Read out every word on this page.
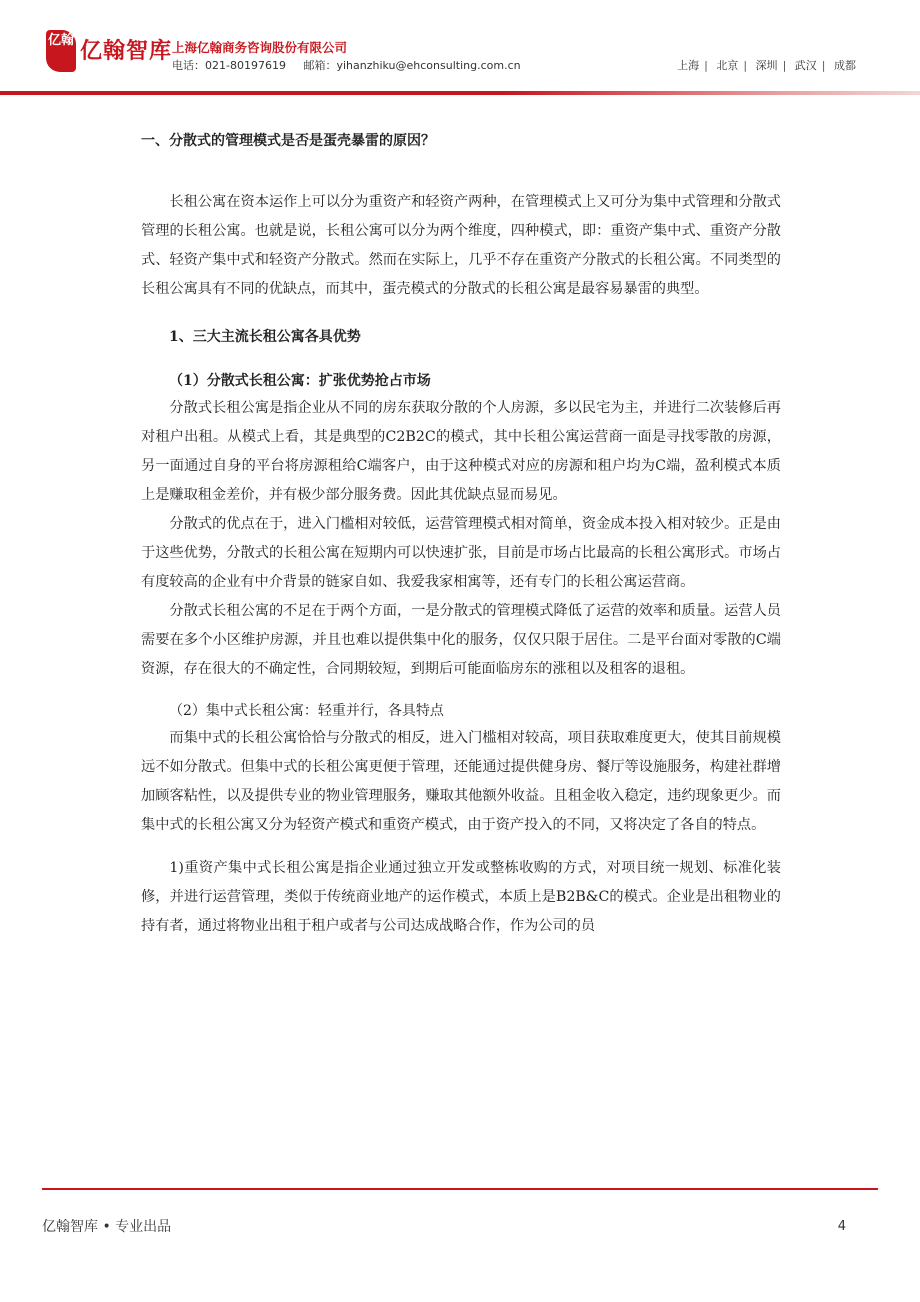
亿翰 亿翰智库 上海亿翰商务咨询股份有限公司
电话：021-80197619 邮箱：yihanzhiku@ehconsulting.com.cn	上海 | 北京 | 深圳 | 武汉 | 成都

一、分散式的管理模式是否是蛋壳暴雷的原因？

长租公寓在资本运作上可以分为重资产和轻资产两种，在管理模式上又可分为集中式管理和分散式管理的长租公寓。也就是说，长租公寓可以分为两个维度，四种模式，即：重资产集中式、重资产分散式、轻资产集中式和轻资产分散式。然而在实际上，几乎不存在重资产分散式的长租公寓。不同类型的长租公寓具有不同的优缺点，而其中，蛋壳模式的分散式的长租公寓是最容易暴雷的典型。

1、三大主流长租公寓各具优势

（1）分散式长租公寓：扩张优势抢占市场

分散式长租公寓是指企业从不同的房东获取分散的个人房源，多以民宅为主，并进行二次装修后再对租户出租。从模式上看，其是典型的C2B2C的模式，其中长租公寓运营商一面是寻找零散的房源，另一面通过自身的平台将房源租给C端客户，由于这种模式对应的房源和租户均为C端，盈利模式本质上是赚取租金差价，并有极少部分服务费。因此其优缺点显而易见。

分散式的优点在于，进入门槛相对较低，运营管理模式相对简单，资金成本投入相对较少。正是由于这些优势，分散式的长租公寓在短期内可以快速扩张，目前是市场占比最高的长租公寓形式。市场占有度较高的企业有中介背景的链家自如、我爱我家相寓等，还有专门的长租公寓运营商。

分散式长租公寓的不足在于两个方面，一是分散式的管理模式降低了运营的效率和质量。运营人员需要在多个小区维护房源，并且也难以提供集中化的服务，仅仅只限于居住。二是平台面对零散的C端资源，存在很大的不确定性，合同期较短，到期后可能面临房东的涨租以及租客的退租。

（2）集中式长租公寓：轻重并行，各具特点

而集中式的长租公寓恰恰与分散式的相反，进入门槛相对较高，项目获取难度更大，使其目前规模远不如分散式。但集中式的长租公寓更便于管理，还能通过提供健身房、餐厅等设施服务，构建社群增加顾客粘性，以及提供专业的物业管理服务，赚取其他额外收益。且租金收入稳定，违约现象更少。而集中式的长租公寓又分为轻资产模式和重资产模式，由于资产投入的不同，又将决定了各自的特点。

1)重资产集中式长租公寓是指企业通过独立开发或整栋收购的方式，对项目统一规划、标准化装修，并进行运营管理，类似于传统商业地产的运作模式，本质上是B2B&C的模式。企业是出租物业的持有者，通过将物业出租于租户或者与公司达成战略合作，作为公司的员

亿翰智库 • 专业出品	4
